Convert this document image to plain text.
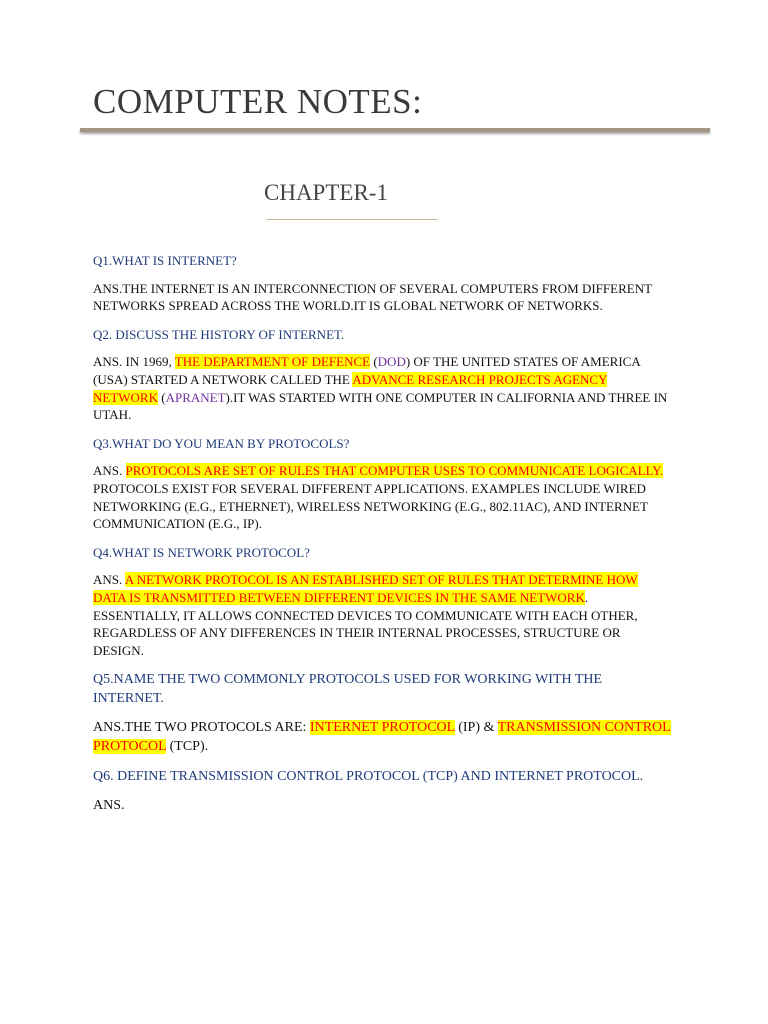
COMPUTER NOTES:
CHAPTER-1

Q1.WHAT IS INTERNET?

ANS.THE INTERNET IS AN INTERCONNECTION OF SEVERAL COMPUTERS FROM DIFFERENT NETWORKS SPREAD ACROSS THE WORLD.IT IS GLOBAL NETWORK OF NETWORKS.

Q2. DISCUSS THE HISTORY OF INTERNET.

ANS. IN 1969, THE DEPARTMENT OF DEFENCE (DOD) OF THE UNITED STATES OF AMERICA (USA) STARTED A NETWORK CALLED THE ADVANCE RESEARCH PROJECTS AGENCY NETWORK (APRANET).IT WAS STARTED WITH ONE COMPUTER IN CALIFORNIA AND THREE IN UTAH.

Q3.WHAT DO YOU MEAN BY PROTOCOLS?

ANS. PROTOCOLS ARE SET OF RULES THAT COMPUTER USES TO COMMUNICATE LOGICALLY. PROTOCOLS EXIST FOR SEVERAL DIFFERENT APPLICATIONS. EXAMPLES INCLUDE WIRED NETWORKING (E.G., ETHERNET), WIRELESS NETWORKING (E.G., 802.11AC), AND INTERNET COMMUNICATION (E.G., IP).

Q4.WHAT IS NETWORK PROTOCOL?

ANS. A NETWORK PROTOCOL IS AN ESTABLISHED SET OF RULES THAT DETERMINE HOW DATA IS TRANSMITTED BETWEEN DIFFERENT DEVICES IN THE SAME NETWORK. ESSENTIALLY, IT ALLOWS CONNECTED DEVICES TO COMMUNICATE WITH EACH OTHER, REGARDLESS OF ANY DIFFERENCES IN THEIR INTERNAL PROCESSES, STRUCTURE OR DESIGN.

Q5.NAME THE TWO COMMONLY PROTOCOLS USED FOR WORKING WITH THE INTERNET.

ANS.THE TWO PROTOCOLS ARE: INTERNET PROTOCOL (IP) & TRANSMISSION CONTROL PROTOCOL (TCP).

Q6. DEFINE TRANSMISSION CONTROL PROTOCOL (TCP) AND INTERNET PROTOCOL.

ANS.
